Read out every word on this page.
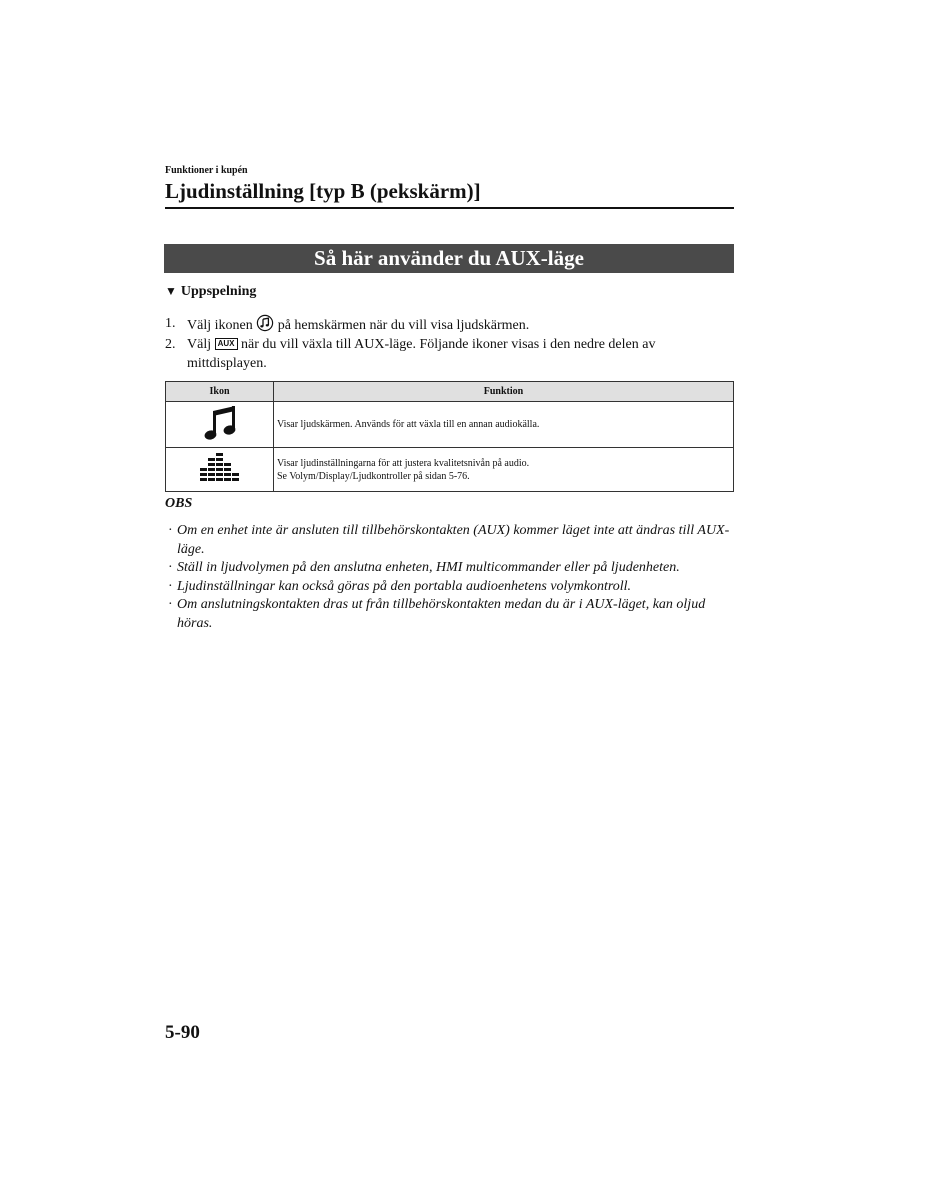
Funktioner i kupén
Ljudinställning [typ B (pekskärm)]
Så här använder du AUX-läge
▼ Uppspelning
1. Välj ikonen på hemskärmen när du vill visa ljudskärmen.
2. Välj AUX när du vill växla till AUX-läge. Följande ikoner visas i den nedre delen av mittdisplayen.
Ikon	Funktion

Visar ljudskärmen. Används för att växla till en annan audiokälla.

Visar ljudinställningarna för att justera kvalitetsnivån på audio.
Se Volym/Display/Ljudkontroller på sidan 5-76.
OBS
· Om en enhet inte är ansluten till tillbehörskontakten (AUX) kommer läget inte att ändras till AUX-läge.
· Ställ in ljudvolymen på den anslutna enheten, HMI multicommander eller på ljudenheten.
· Ljudinställningar kan också göras på den portabla audioenhetens volymkontroll.
· Om anslutningskontakten dras ut från tillbehörskontakten medan du är i AUX-läget, kan oljud höras.
5-90
